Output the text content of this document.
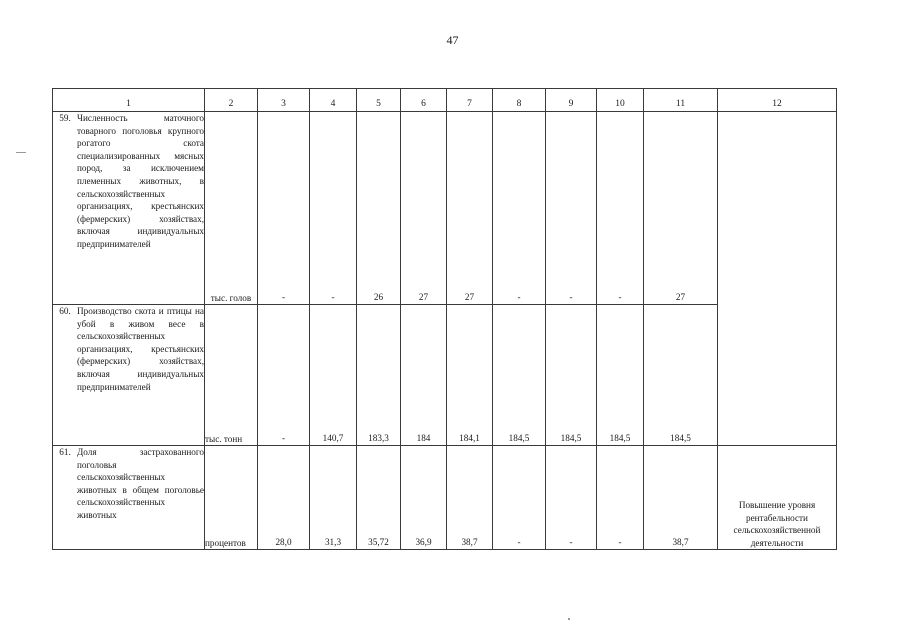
47
1	2	3	4	5	6	7	8	9	10	11	12

59. Численность маточного товарного поголовья крупного рогатого скота специализированных мясных пород, за исключением племенных животных, в сельскохозяйственных организациях, крестьянских (фермерских) хозяйствах, включая индивидуальных предпринимателей	тыс. голов	-	-	26	27	27	-	-	-	27	

60. Производство скота и птицы на убой в живом весе в сельскохозяйственных организациях, крестьянских (фермерских) хозяйствах, включая индивидуальных предпринимателей	тыс. тонн	-	140,7	183,3	184	184,1	184,5	184,5	184,5	184,5	

61. Доля застрахованного поголовья сельскохозяйственных животных в общем поголовье сельскохозяйственных животных	процентов	28,0	31,3	35,72	36,9	38,7	-	-	-	38,7	Повышение уровня рентабельности сельскохозяйственной деятельности
